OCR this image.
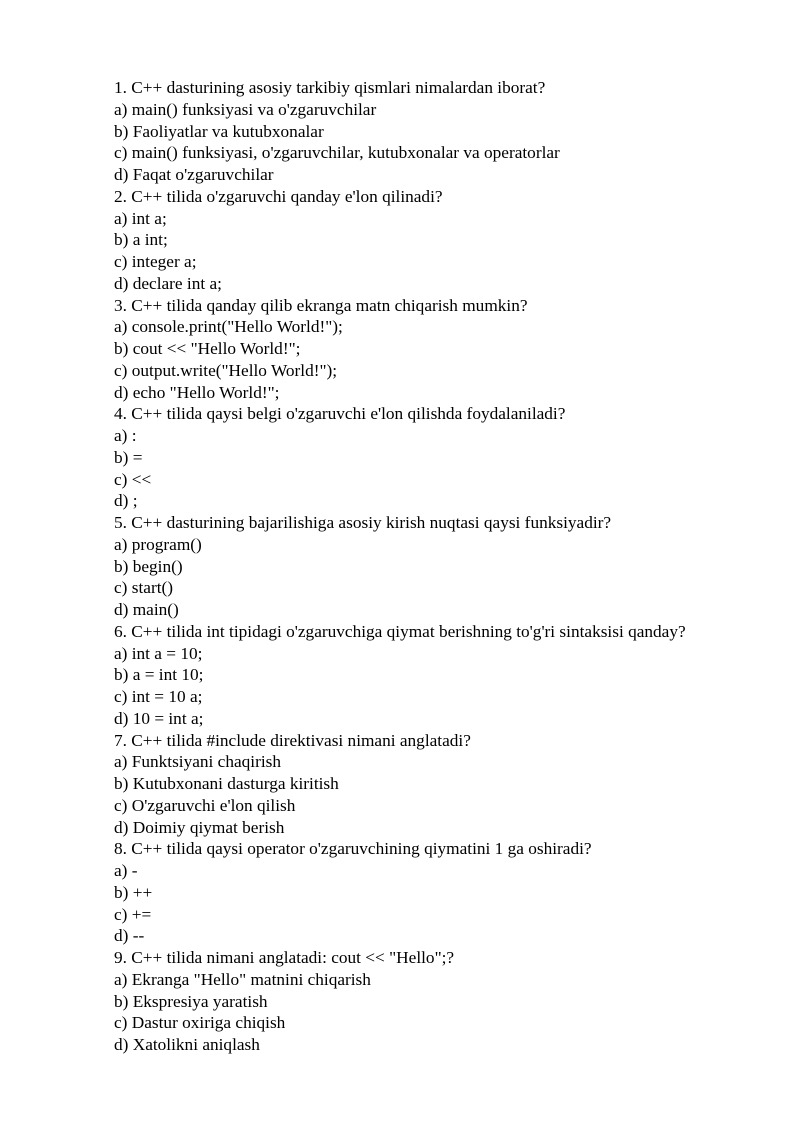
1. C++ dasturining asosiy tarkibiy qismlari nimalardan iborat?
a) main() funksiyasi va o'zgaruvchilar
b) Faoliyatlar va kutubxonalar
c) main() funksiyasi, o'zgaruvchilar, kutubxonalar va operatorlar
d) Faqat o'zgaruvchilar
2. C++ tilida o'zgaruvchi qanday e'lon qilinadi?
a) int a;
b) a int;
c) integer a;
d) declare int a;
3. C++ tilida qanday qilib ekranga matn chiqarish mumkin?
a) console.print("Hello World!");
b) cout << "Hello World!";
c) output.write("Hello World!");
d) echo "Hello World!";
4. C++ tilida qaysi belgi o'zgaruvchi e'lon qilishda foydalaniladi?
a) :
b) =
c) <<
d) ;
5. C++ dasturining bajarilishiga asosiy kirish nuqtasi qaysi funksiyadir?
a) program()
b) begin()
c) start()
d) main()
6. C++ tilida int tipidagi o'zgaruvchiga qiymat berishning to'g'ri sintaksisi qanday?
a) int a = 10;
b) a = int 10;
c) int = 10 a;
d) 10 = int a;
7. C++ tilida #include direktivasi nimani anglatadi?
a) Funktsiyani chaqirish
b) Kutubxonani dasturga kiritish
c) O'zgaruvchi e'lon qilish
d) Doimiy qiymat berish
8. C++ tilida qaysi operator o'zgaruvchining qiymatini 1 ga oshiradi?
a) -
b) ++
c) +=
d) --
9. C++ tilida nimani anglatadi: cout << "Hello";?
a) Ekranga "Hello" matnini chiqarish
b) Ekspresiya yaratish
c) Dastur oxiriga chiqish
d) Xatolikni aniqlash
